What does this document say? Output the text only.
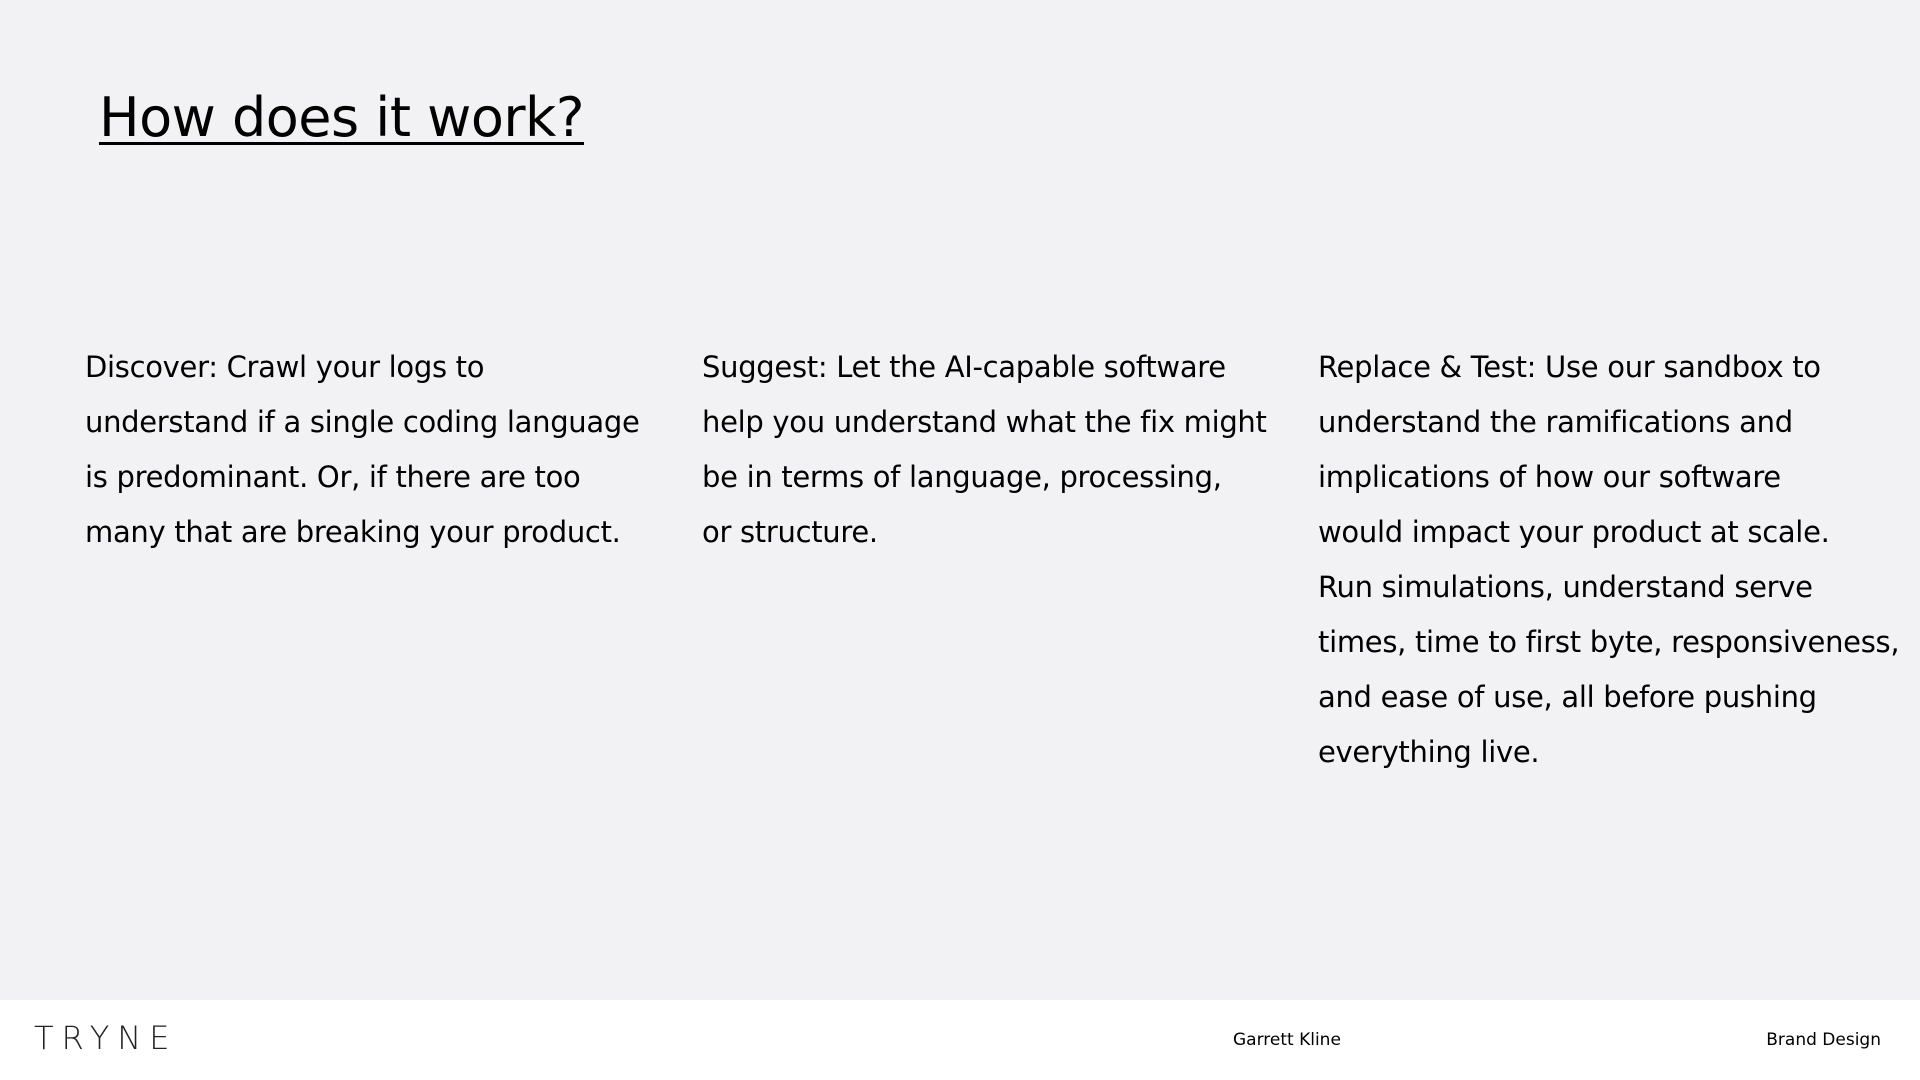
How does it work?

Discover: Crawl your logs to
understand if a single coding language
is predominant. Or, if there are too
many that are breaking your product.

Suggest: Let the AI-capable software
help you understand what the fix might
be in terms of language, processing,
or structure.

Replace & Test: Use our sandbox to
understand the ramifications and
implications of how our software
would impact your product at scale.
Run simulations, understand serve
times, time to first byte, responsiveness,
and ease of use, all before pushing
everything live.

TRYNE	Garrett Kline	Brand Design
